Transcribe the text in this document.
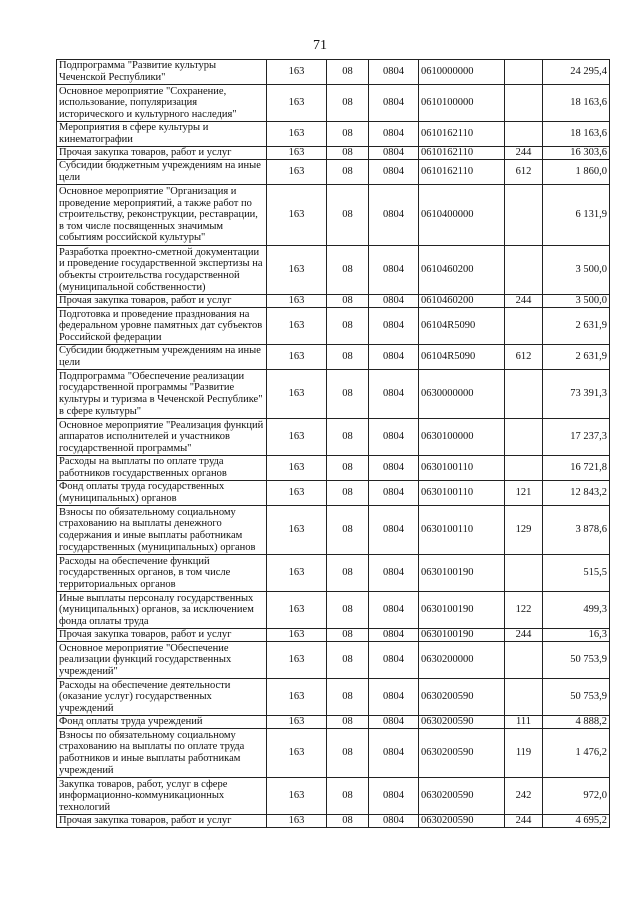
71
Подпрограмма "Развитие культуры Чеченской Республики"	163	08	0804	0610000000		24 295,4
Основное мероприятие "Сохранение, использование, популяризация исторического и культурного наследия"	163	08	0804	0610100000		18 163,6
Мероприятия в сфере культуры и кинематографии	163	08	0804	0610162110		18 163,6
Прочая закупка товаров, работ и услуг	163	08	0804	0610162110	244	16 303,6
Субсидии бюджетным учреждениям на иные цели	163	08	0804	0610162110	612	1 860,0
Основное мероприятие "Организация и проведение мероприятий, а также работ по строительству, реконструкции, реставрации, в том числе посвященных значимым событиям российской культуры"	163	08	0804	0610400000		6 131,9
Разработка проектно-сметной документации и проведение государственной экспертизы на объекты строительства государственной (муниципальной собственности)	163	08	0804	0610460200		3 500,0
Прочая закупка товаров, работ и услуг	163	08	0804	0610460200	244	3 500,0
Подготовка и проведение празднования на федеральном уровне памятных дат субъектов Российской федерации	163	08	0804	06104R5090		2 631,9
Субсидии бюджетным учреждениям на иные цели	163	08	0804	06104R5090	612	2 631,9
Подпрограмма "Обеспечение реализации государственной программы "Развитие культуры и туризма в Чеченской Республике" в сфере культуры"	163	08	0804	0630000000		73 391,3
Основное мероприятие "Реализация функций аппаратов исполнителей и участников государственной программы"	163	08	0804	0630100000		17 237,3
Расходы на выплаты по оплате труда работников государственных органов	163	08	0804	0630100110		16 721,8
Фонд оплаты труда государственных (муниципальных) органов	163	08	0804	0630100110	121	12 843,2
Взносы по обязательному социальному страхованию на выплаты денежного содержания и иные выплаты работникам государственных (муниципальных) органов	163	08	0804	0630100110	129	3 878,6
Расходы на обеспечение функций государственных органов, в том числе территориальных органов	163	08	0804	0630100190		515,5
Иные выплаты персоналу государственных (муниципальных) органов, за исключением фонда оплаты труда	163	08	0804	0630100190	122	499,3
Прочая закупка товаров, работ и услуг	163	08	0804	0630100190	244	16,3
Основное мероприятие "Обеспечение реализации функций государственных учреждений"	163	08	0804	0630200000		50 753,9
Расходы на обеспечение деятельности (оказание услуг) государственных учреждений	163	08	0804	0630200590		50 753,9
Фонд оплаты труда учреждений	163	08	0804	0630200590	111	4 888,2
Взносы по обязательному социальному страхованию на выплаты по оплате труда работников и иные выплаты работникам учреждений	163	08	0804	0630200590	119	1 476,2
Закупка товаров, работ, услуг в сфере информационно-коммуникационных технологий	163	08	0804	0630200590	242	972,0
Прочая закупка товаров, работ и услуг	163	08	0804	0630200590	244	4 695,2
